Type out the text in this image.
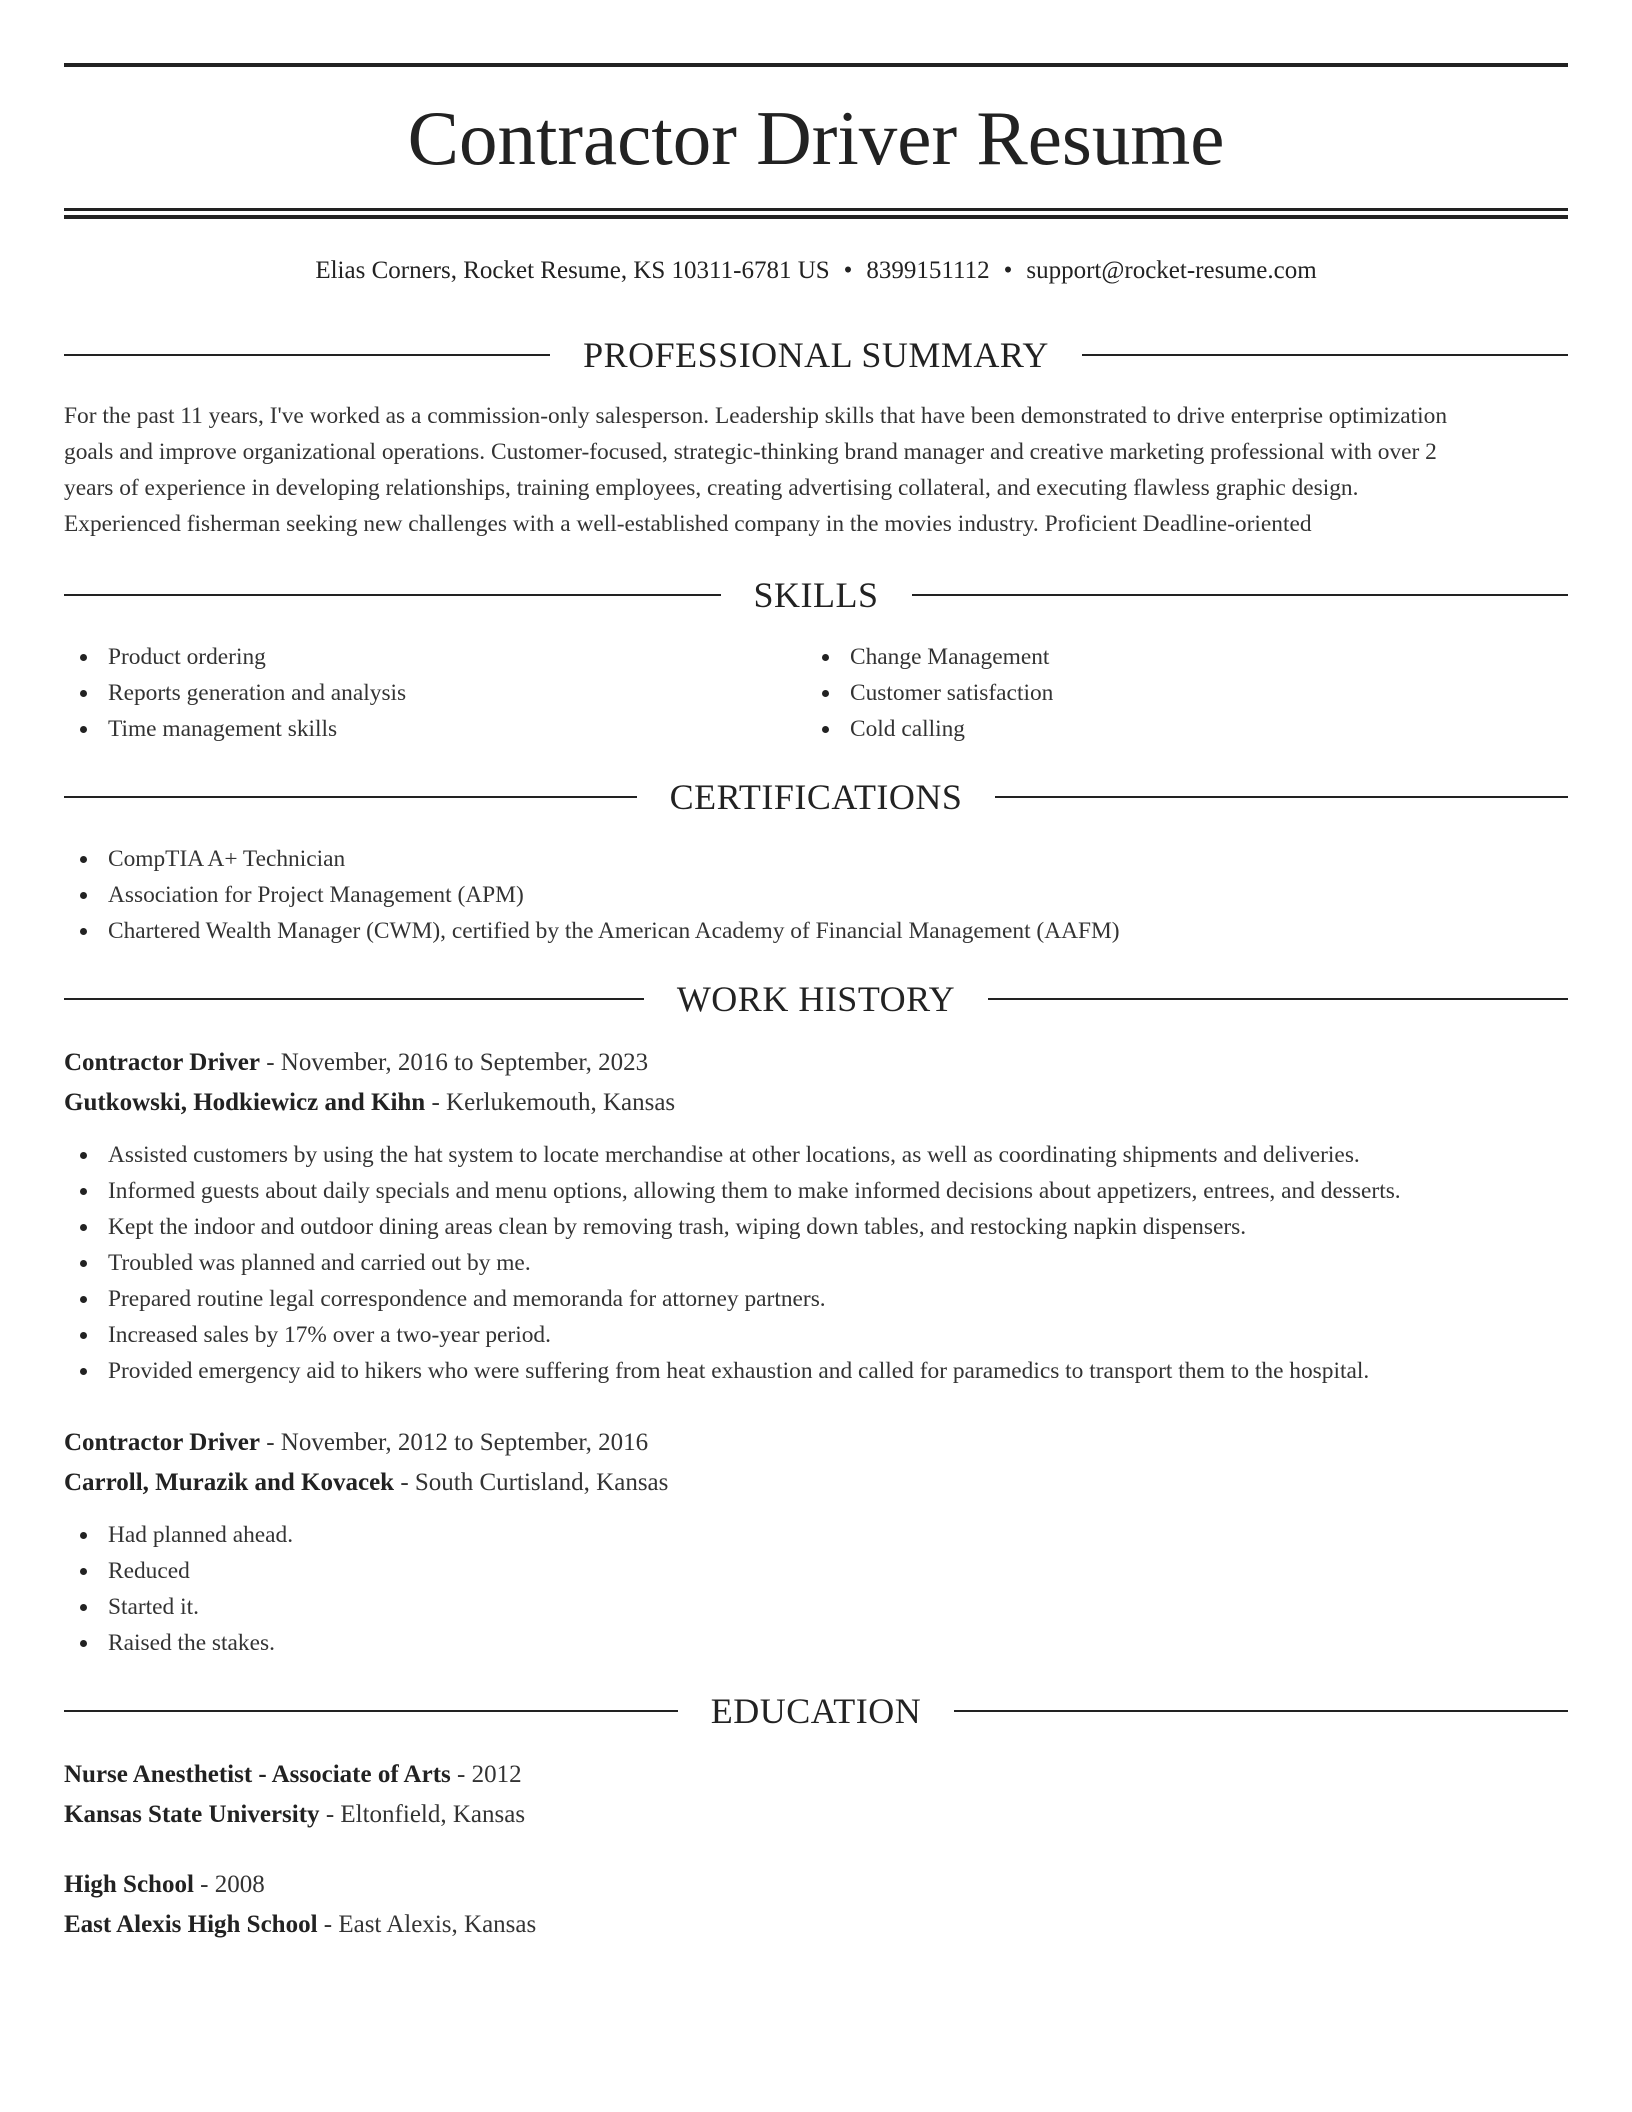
Contractor Driver Resume
Elias Corners, Rocket Resume, KS 10311-6781 US • 8399151112 • support@rocket-resume.com
PROFESSIONAL SUMMARY
For the past 11 years, I've worked as a commission-only salesperson. Leadership skills that have been demonstrated to drive enterprise optimization
goals and improve organizational operations. Customer-focused, strategic-thinking brand manager and creative marketing professional with over 2
years of experience in developing relationships, training employees, creating advertising collateral, and executing flawless graphic design.
Experienced fisherman seeking new challenges with a well-established company in the movies industry. Proficient Deadline-oriented
SKILLS
Product ordering
Reports generation and analysis
Time management skills
Change Management
Customer satisfaction
Cold calling
CERTIFICATIONS
CompTIA A+ Technician
Association for Project Management (APM)
Chartered Wealth Manager (CWM), certified by the American Academy of Financial Management (AAFM)
WORK HISTORY
Contractor Driver - November, 2016 to September, 2023
Gutkowski, Hodkiewicz and Kihn - Kerlukemouth, Kansas
Assisted customers by using the hat system to locate merchandise at other locations, as well as coordinating shipments and deliveries.
Informed guests about daily specials and menu options, allowing them to make informed decisions about appetizers, entrees, and desserts.
Kept the indoor and outdoor dining areas clean by removing trash, wiping down tables, and restocking napkin dispensers.
Troubled was planned and carried out by me.
Prepared routine legal correspondence and memoranda for attorney partners.
Increased sales by 17% over a two-year period.
Provided emergency aid to hikers who were suffering from heat exhaustion and called for paramedics to transport them to the hospital.
Contractor Driver - November, 2012 to September, 2016
Carroll, Murazik and Kovacek - South Curtisland, Kansas
Had planned ahead.
Reduced
Started it.
Raised the stakes.
EDUCATION
Nurse Anesthetist - Associate of Arts - 2012
Kansas State University - Eltonfield, Kansas
High School - 2008
East Alexis High School - East Alexis, Kansas
